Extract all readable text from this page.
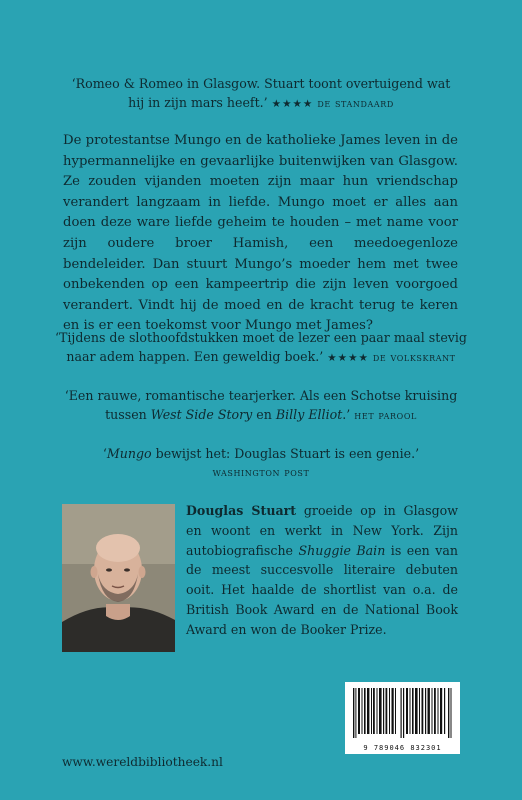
‘Romeo & Romeo in Glasgow. Stuart toont overtuigend wat
hij in zijn mars heeft.’ ★★★★ de standaard
De protestantse Mungo en de katholieke James leven in de hypermannelijke en gevaarlijke buitenwijken van Glasgow. Ze zouden vijanden moeten zijn maar hun vriendschap verandert langzaam in liefde. Mungo moet er alles aan doen deze ware liefde geheim te houden – met name voor zijn oudere broer Hamish, een meedoegenloze bendeleider. Dan stuurt Mungo’s moeder hem met twee onbekenden op een kampeertrip die zijn leven voorgoed verandert. Vindt hij de moed en de kracht terug te keren en is er een toekomst voor Mungo met James?
‘Tijdens de slothoofdstukken moet de lezer een paar maal stevig
naar adem happen. Een geweldig boek.’ ★★★★ de volkskrant
‘Een rauwe, romantische tearjerker. Als een Schotse kruising
tussen West Side Story en Billy Elliot.’ het parool
‘Mungo bewijst het: Douglas Stuart is een genie.’
washington post
Douglas Stuart groeide op in Glasgow en woont en werkt in New York. Zijn autobiografische Shuggie Bain is een van de meest succesvolle literaire debuten ooit. Het haalde de shortlist van o.a. de British Book Award en de National Book Award en won de Booker Prize.
9 789046 832301
www.wereldbibliotheek.nl
